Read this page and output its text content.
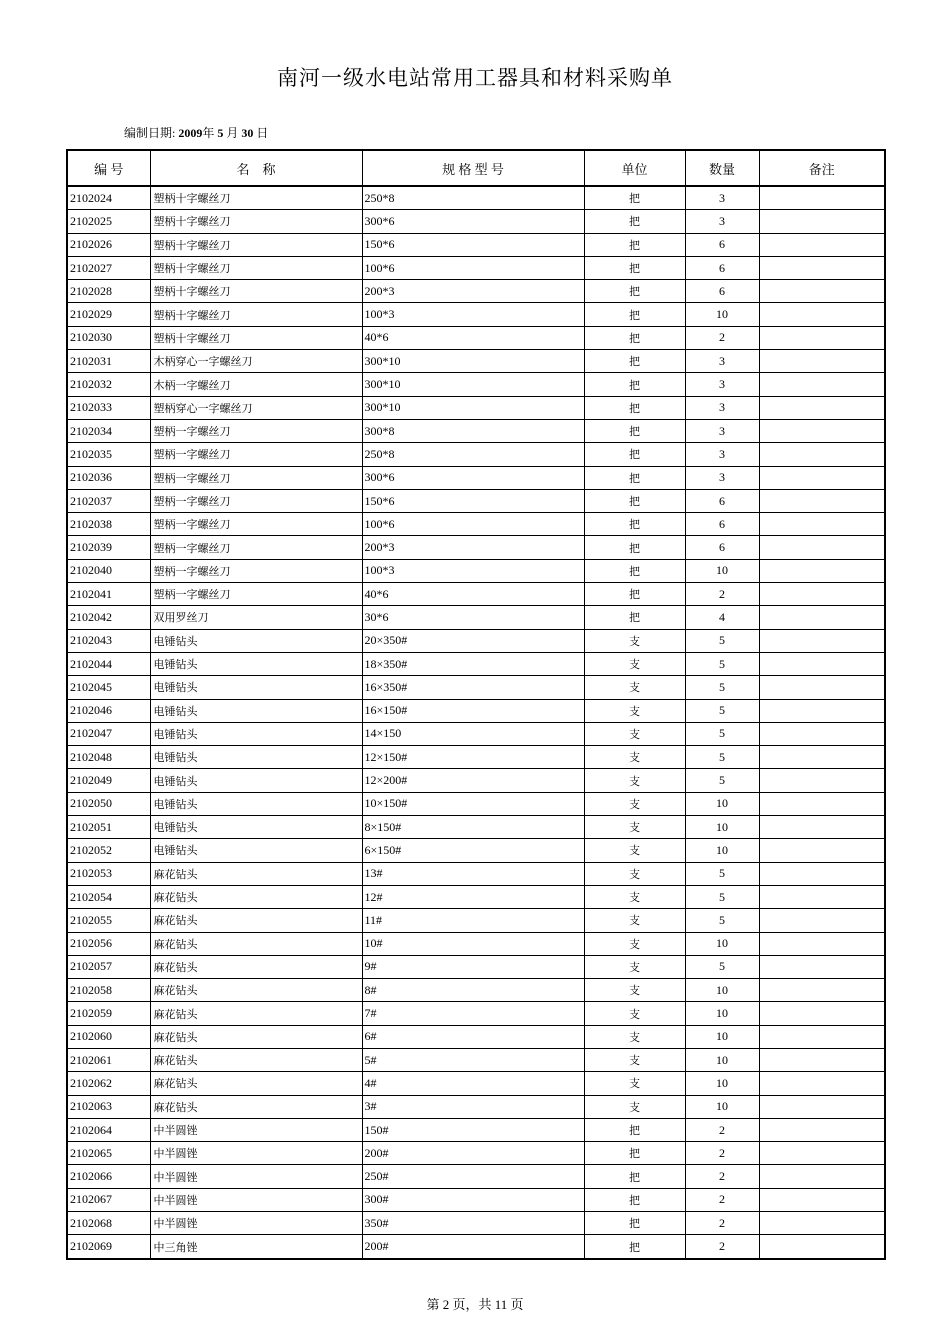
南河一级水电站常用工器具和材料采购单
编制日期: 2009年 5 月 30 日
编 号	名　称	规 格 型 号	单位	数量	备注
2102024	塑柄十字螺丝刀	250*8	把	3	
2102025	塑柄十字螺丝刀	300*6	把	3	
2102026	塑柄十字螺丝刀	150*6	把	6	
2102027	塑柄十字螺丝刀	100*6	把	6	
2102028	塑柄十字螺丝刀	200*3	把	6	
2102029	塑柄十字螺丝刀	100*3	把	10	
2102030	塑柄十字螺丝刀	40*6	把	2	
2102031	木柄穿心一字螺丝刀	300*10	把	3	
2102032	木柄一字螺丝刀	300*10	把	3	
2102033	塑柄穿心一字螺丝刀	300*10	把	3	
2102034	塑柄一字螺丝刀	300*8	把	3	
2102035	塑柄一字螺丝刀	250*8	把	3	
2102036	塑柄一字螺丝刀	300*6	把	3	
2102037	塑柄一字螺丝刀	150*6	把	6	
2102038	塑柄一字螺丝刀	100*6	把	6	
2102039	塑柄一字螺丝刀	200*3	把	6	
2102040	塑柄一字螺丝刀	100*3	把	10	
2102041	塑柄一字螺丝刀	40*6	把	2	
2102042	双用罗丝刀	30*6	把	4	
2102043	电锤钻头	20×350#	支	5	
2102044	电锤钻头	18×350#	支	5	
2102045	电锤钻头	16×350#	支	5	
2102046	电锤钻头	16×150#	支	5	
2102047	电锤钻头	14×150	支	5	
2102048	电锤钻头	12×150#	支	5	
2102049	电锤钻头	12×200#	支	5	
2102050	电锤钻头	10×150#	支	10	
2102051	电锤钻头	8×150#	支	10	
2102052	电锤钻头	6×150#	支	10	
2102053	麻花钻头	13#	支	5	
2102054	麻花钻头	12#	支	5	
2102055	麻花钻头	11#	支	5	
2102056	麻花钻头	10#	支	10	
2102057	麻花钻头	9#	支	5	
2102058	麻花钻头	8#	支	10	
2102059	麻花钻头	7#	支	10	
2102060	麻花钻头	6#	支	10	
2102061	麻花钻头	5#	支	10	
2102062	麻花钻头	4#	支	10	
2102063	麻花钻头	3#	支	10	
2102064	中半圆锉	150#	把	2	
2102065	中半圆锉	200#	把	2	
2102066	中半圆锉	250#	把	2	
2102067	中半圆锉	300#	把	2	
2102068	中半圆锉	350#	把	2	
2102069	中三角锉	200#	把	2	
第 2 页，共 11 页
